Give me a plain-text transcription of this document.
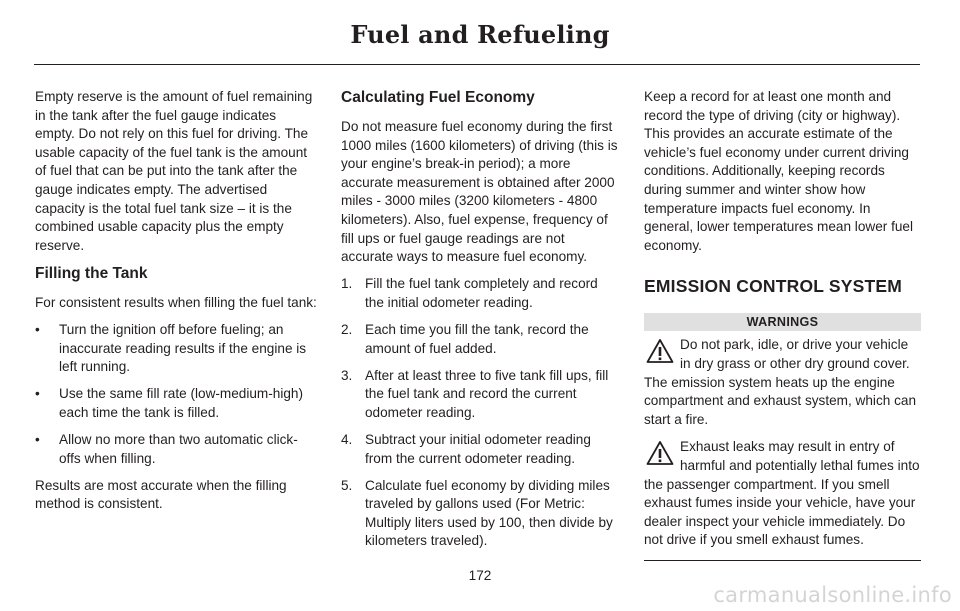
Fuel and Refueling

Empty reserve is the amount of fuel remaining in the tank after the fuel gauge indicates empty. Do not rely on this fuel for driving. The usable capacity of the fuel tank is the amount of fuel that can be put into the tank after the gauge indicates empty. The advertised capacity is the total fuel tank size – it is the combined usable capacity plus the empty reserve.

Filling the Tank

For consistent results when filling the fuel tank:

• Turn the ignition off before fueling; an inaccurate reading results if the engine is left running.
• Use the same fill rate (low-medium-high) each time the tank is filled.
• Allow no more than two automatic click-offs when filling.

Results are most accurate when the filling method is consistent.

Calculating Fuel Economy

Do not measure fuel economy during the first 1000 miles (1600 kilometers) of driving (this is your engine’s break-in period); a more accurate measurement is obtained after 2000 miles - 3000 miles (3200 kilometers - 4800 kilometers). Also, fuel expense, frequency of fill ups or fuel gauge readings are not accurate ways to measure fuel economy.

1. Fill the fuel tank completely and record the initial odometer reading.
2. Each time you fill the tank, record the amount of fuel added.
3. After at least three to five tank fill ups, fill the fuel tank and record the current odometer reading.
4. Subtract your initial odometer reading from the current odometer reading.
5. Calculate fuel economy by dividing miles traveled by gallons used (For Metric: Multiply liters used by 100, then divide by kilometers traveled).

Keep a record for at least one month and record the type of driving (city or highway). This provides an accurate estimate of the vehicle’s fuel economy under current driving conditions. Additionally, keeping records during summer and winter show how temperature impacts fuel economy. In general, lower temperatures mean lower fuel economy.

EMISSION CONTROL SYSTEM
WARNINGS
Do not park, idle, or drive your vehicle in dry grass or other dry ground cover. The emission system heats up the engine compartment and exhaust system, which can start a fire.
Exhaust leaks may result in entry of harmful and potentially lethal fumes into the passenger compartment. If you smell exhaust fumes inside your vehicle, have your dealer inspect your vehicle immediately. Do not drive if you smell exhaust fumes.
172
carmanualsonline.info
